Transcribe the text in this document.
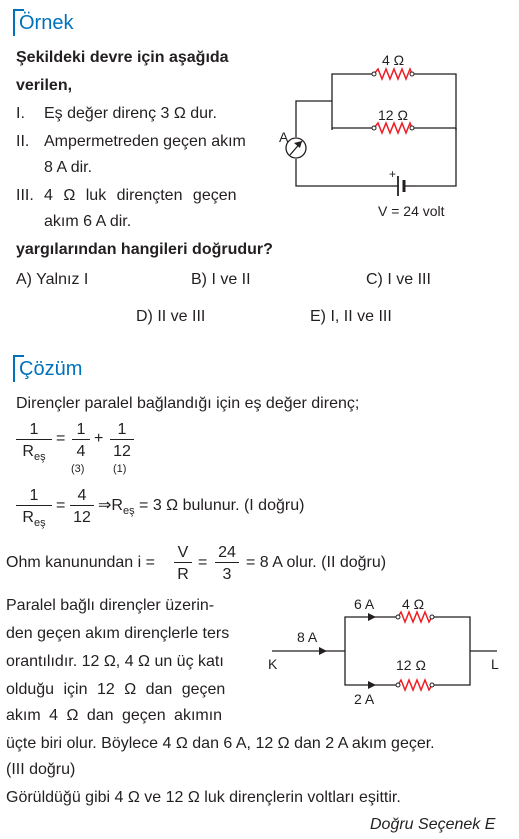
Örnek
Şekildeki devre için aşağıda
verilen,
I. Eş değer direnç 3 Ω dur.
II. Ampermetreden geçen akım
8 A dir.
III. 4 Ω luk dirençten geçen
akım 6 A dir.
yargılarından hangileri doğrudur?
A) Yalnız I	B) I ve II	C) I ve III
D) II ve III	E) I, II ve III
4 Ω
12 Ω
A
+
V = 24 volt
Çözüm
Dirençler paralel bağlandığı için eş değer direnç;
1
$R_{eş}$
= $\frac{1}{4}$
(3)
+ $\frac{1}{12}$
(1)
1
$R_{eş}$
= $\frac{4}{12}$ $\Rightarrow R_{eş} = 3$ Ω bulunur. (I doğru)
Ohm kanunundan $i = \frac{V}{R} = \frac{24}{3} = 8$ A olur. (II doğru)
Paralel bağlı dirençler üzerin-
den geçen akım dirençlerle ters
orantılıdır. 12 Ω, 4 Ω un üç katı
olduğu için 12 Ω dan geçen
akım 4 Ω dan geçen akımın
üçte biri olur. Böylece 4 Ω dan 6 A, 12 Ω dan 2 A akım geçer.
(III doğru)
Görüldüğü gibi 4 Ω ve 12 Ω luk dirençlerin voltları eşittir.
Doğru Seçenek E
8 A
6 A 4 Ω
12 Ω
2 A
K	L
